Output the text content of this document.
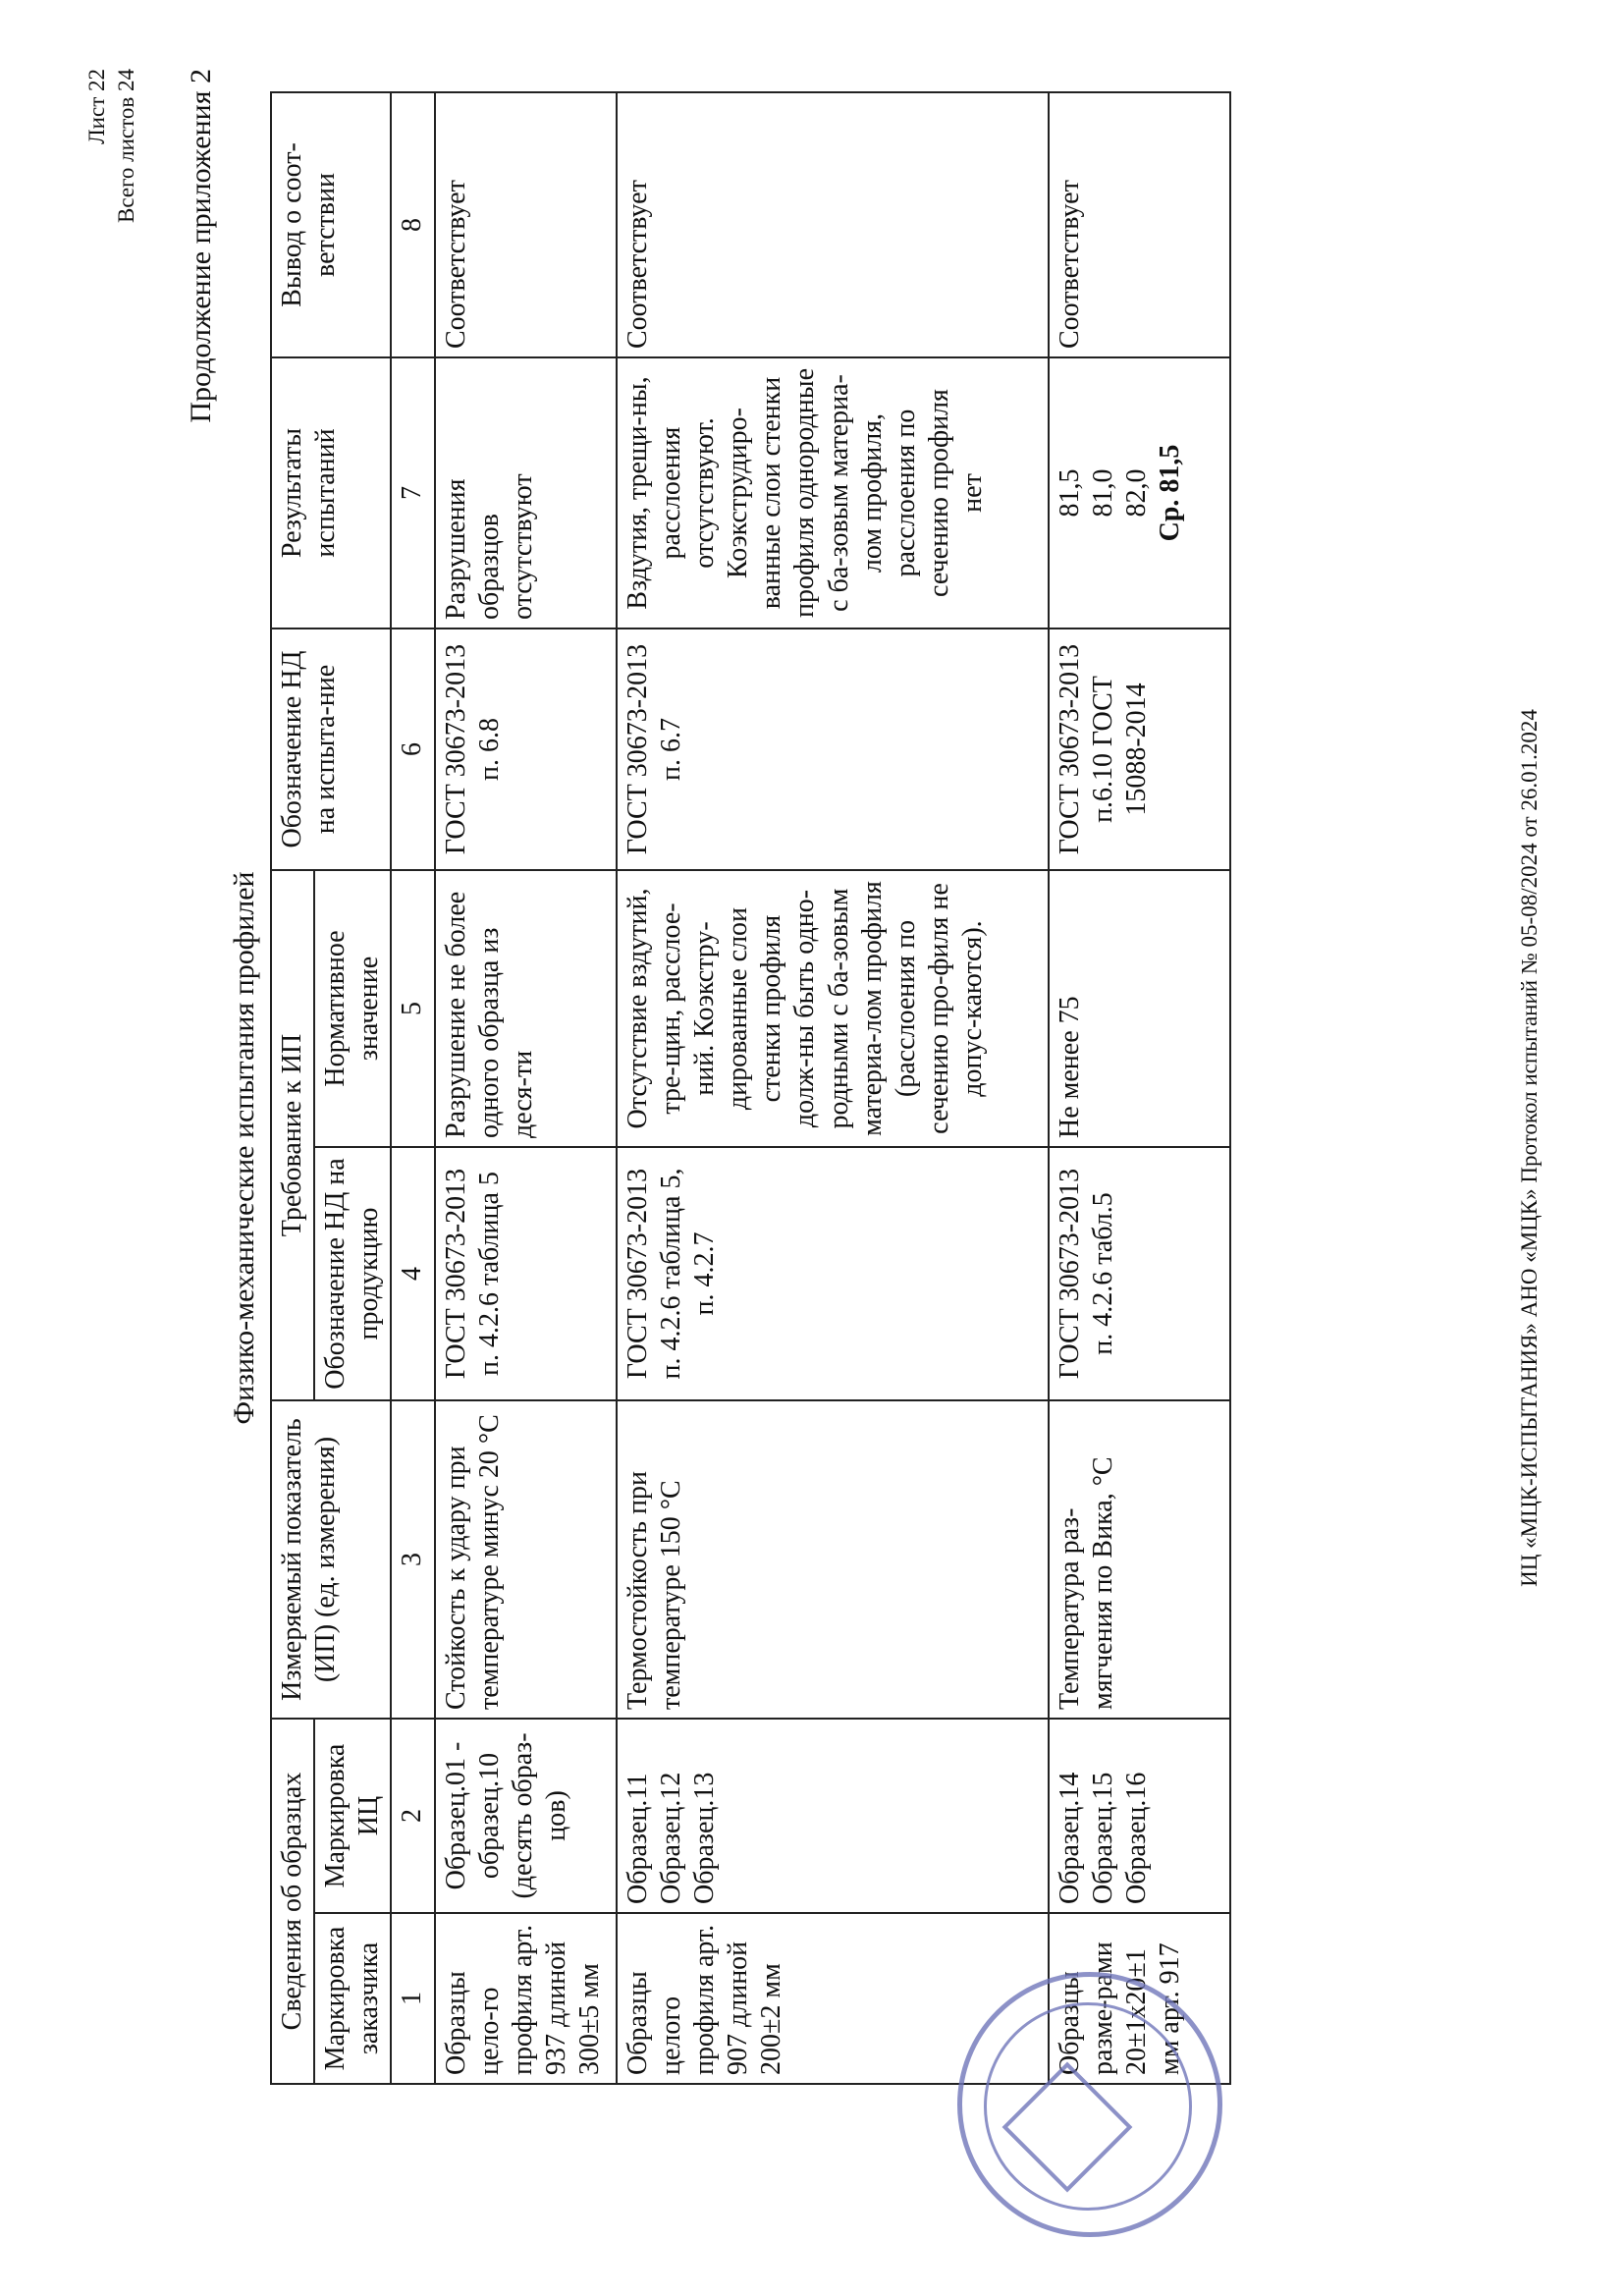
Лист 22 Всего листов 24 Продолжение приложения 2
Физико-механические испытания профилей
Сведения об образцах		Измеряемый показатель (ИП) (ед. измерения)	Требование к ИП		Обозначение НД на испыта-ние	Результаты испытаний	Вывод о соот-ветствии
Маркировка заказчика	Маркировка ИЦ		Обозначение НД на продукцию	Нормативное значение			
1	2	3	4	5	6	7	8
Образцы цело-го профиля арт. 937 длиной 300±5 мм	Образец.01 - образец.10 (десять образ-цов)	Стойкость к удару при температуре минус 20 °С	ГОСТ 30673-2013 п. 4.2.6 таблица 5	Разрушение не более одного образца из деся-ти	ГОСТ 30673-2013 п. 6.8	Разрушения образцов отсутствуют	Соответствует
Образцы целого профиля арт. 907 длиной 200±2 мм	Образец.11 Образец.12 Образец.13	Термостойкость при температуре 150 °С	ГОСТ 30673-2013 п. 4.2.6 таблица 5, п. 4.2.7	Отсутствие вздутий, тре-щин, расслое-ний. Коэкстру-дированные слои стенки профиля долж-ны быть одно-родными с ба-зовым материа-лом профиля (расслоения по сечению про-филя не допус-каются).	ГОСТ 30673-2013 п. 6.7	Вздутия, трещи-ны, расслоения отсутствуют. Коэкструдиро-ванные слои стенки профиля однородные с ба-зовым материа-лом профиля, расслоения по сечению профиля нет	Соответствует
Образцы разме-рами 20±1x20±1 мм арт. 917	Образец.14 Образец.15 Образец.16	Температура раз-мягчения по Вика, °С	ГОСТ 30673-2013 п. 4.2.6 табл.5	Не менее 75	ГОСТ 30673-2013 п.6.10 ГОСТ 15088-2014	81,5 81,0 82,0 Ср. 81,5	Соответствует
ИЦ «МЦК-ИСПЫТАНИЯ» АНО «МЦК» Протокол испытаний № 05-08/2024 от 26.01.2024
